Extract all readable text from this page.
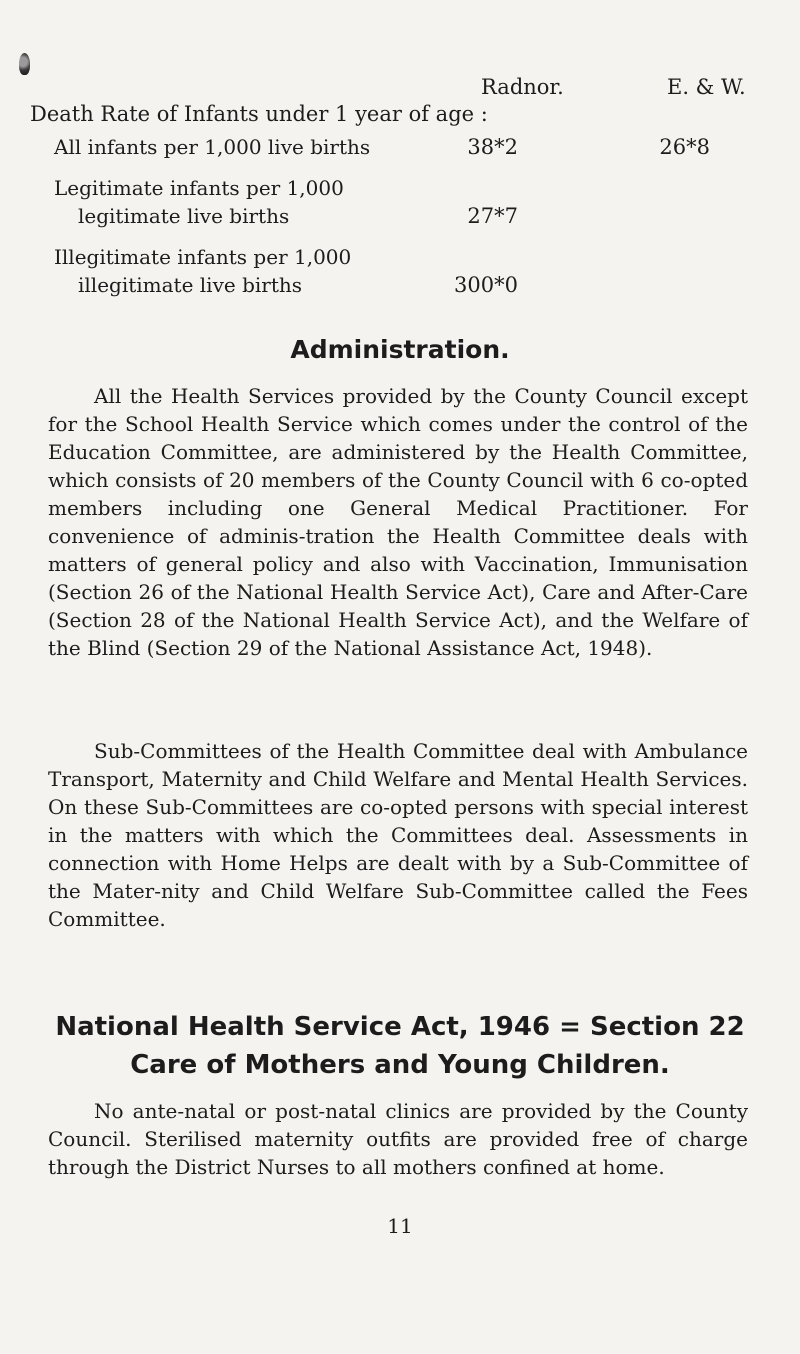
Radnor.	E. & W.
Death Rate of Infants under 1 year of age :
All infants per 1,000 live births	38*2	26*8
Legitimate infants per 1,000
legitimate live births	27*7
Illegitimate infants per 1,000
illegitimate live births	300*0
Administration.
All the Health Services provided by the County Council except for the School Health Service which comes under the control of the Education Committee, are administered by the Health Committee, which consists of 20 members of the County Council with 6 co-opted members including one General Medical Practitioner. For convenience of adminis-tration the Health Committee deals with matters of general policy and also with Vaccination, Immunisation (Section 26 of the National Health Service Act), Care and After-Care (Section 28 of the National Health Service Act), and the Welfare of the Blind (Section 29 of the National Assistance Act, 1948).
Sub-Committees of the Health Committee deal with Ambulance Transport, Maternity and Child Welfare and Mental Health Services. On these Sub-Committees are co-opted persons with special interest in the matters with which the Committees deal. Assessments in connection with Home Helps are dealt with by a Sub-Committee of the Mater-nity and Child Welfare Sub-Committee called the Fees Committee.
National Health Service Act, 1946 = Section 22
Care of Mothers and Young Children.
No ante-natal or post-natal clinics are provided by the County Council. Sterilised maternity outfits are provided free of charge through the District Nurses to all mothers confined at home.
11
